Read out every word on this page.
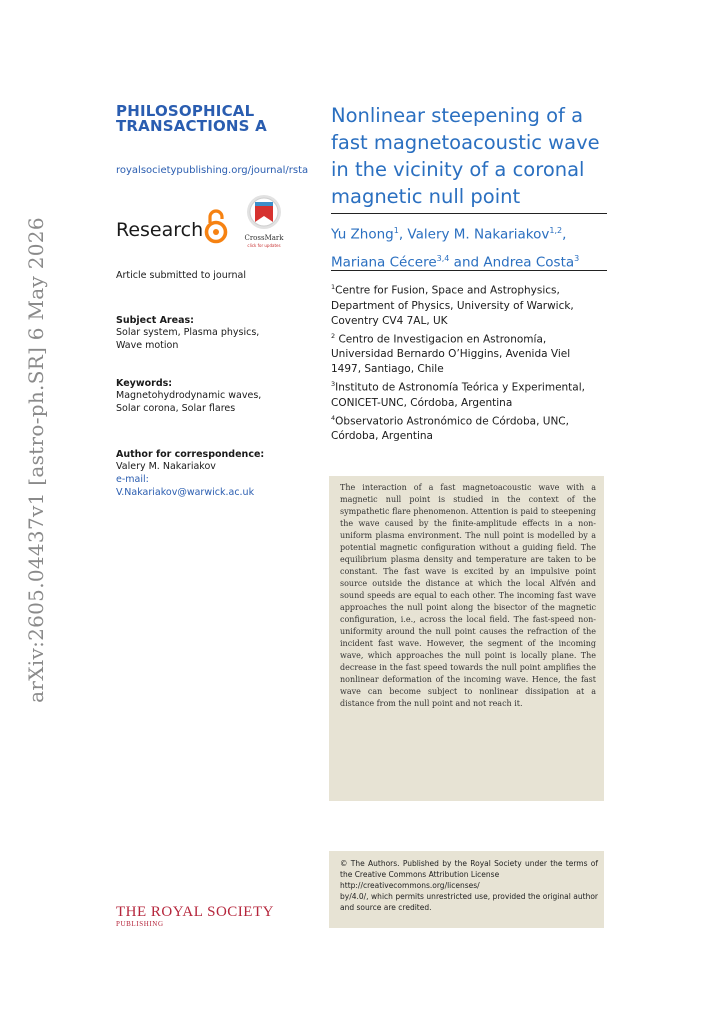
arXiv:2605.04437v1 [astro-ph.SR] 6 May 2026
PHILOSOPHICAL
TRANSACTIONS A
royalsocietypublishing.org/journal/rsta
Research	CrossMark
click for updates
Article submitted to journal
Subject Areas:
Solar system, Plasma physics,
Wave motion
Keywords:
Magnetohydrodynamic waves,
Solar corona, Solar flares
Author for correspondence:
Valery M. Nakariakov
e-mail:
V.Nakariakov@warwick.ac.uk
Nonlinear steepening of a
fast magnetoacoustic wave
in the vicinity of a coronal
magnetic null point
Yu Zhong$^1$, Valery M. Nakariakov$^{1,2}$,
Mariana Cécere$^{3,4}$ and Andrea Costa$^3$
$^1$Centre for Fusion, Space and Astrophysics,
Department of Physics, University of Warwick,
Coventry CV4 7AL, UK
$^2$ Centro de Investigacion en Astronomía,
Universidad Bernardo O’Higgins, Avenida Viel
1497, Santiago, Chile
$^3$Instituto de Astronomía Teórica y Experimental,
CONICET-UNC, Córdoba, Argentina
$^4$Observatorio Astronómico de Córdoba, UNC,
Córdoba, Argentina
The interaction of a fast magnetoacoustic wave with a magnetic null point is studied in the context of the sympathetic flare phenomenon. Attention is paid to steepening the wave caused by the finite-amplitude effects in a non-uniform plasma environment. The null point is modelled by a potential magnetic configuration without a guiding field. The equilibrium plasma density and temperature are taken to be constant. The fast wave is excited by an impulsive point source outside the distance at which the local Alfvén and sound speeds are equal to each other. The incoming fast wave approaches the null point along the bisector of the magnetic configuration, i.e., across the local field. The fast-speed non-uniformity around the null point causes the refraction of the incident fast wave. However, the segment of the incoming wave, which approaches the null point is locally plane. The decrease in the fast speed towards the null point amplifies the nonlinear deformation of the incoming wave. Hence, the fast wave can become subject to nonlinear dissipation at a distance from the null point and not reach it.
© The Authors. Published by the Royal Society under the terms of the Creative Commons Attribution License
http://creativecommons.org/licenses/
by/4.0/, which permits unrestricted use, provided the original author and source are credited.
THE ROYAL SOCIETY
PUBLISHING
